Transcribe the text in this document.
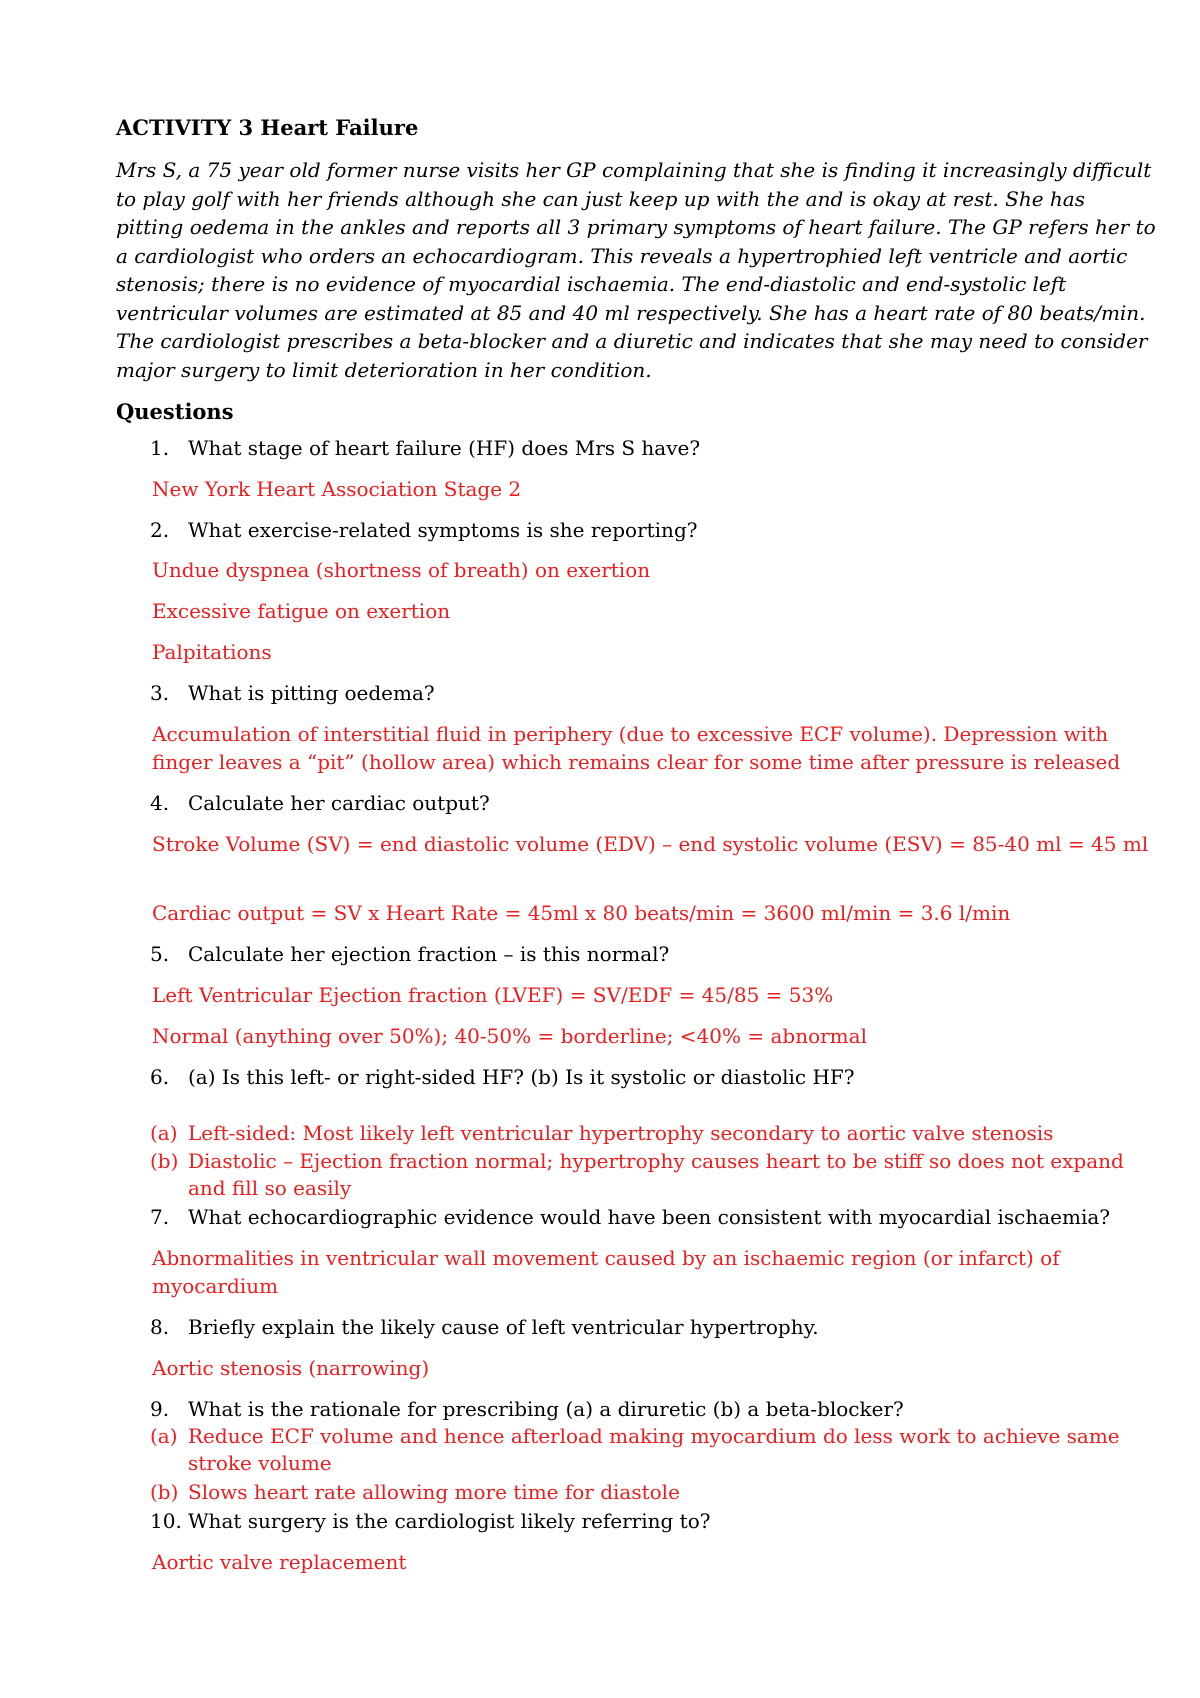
ACTIVITY 3 Heart Failure

Mrs S, a 75 year old former nurse visits her GP complaining that she is finding it increasingly difficult to play golf with her friends although she can just keep up with the and is okay at rest. She has pitting oedema in the ankles and reports all 3 primary symptoms of heart failure. The GP refers her to a cardiologist who orders an echocardiogram. This reveals a hypertrophied left ventricle and aortic stenosis; there is no evidence of myocardial ischaemia. The end-diastolic and end-systolic left ventricular volumes are estimated at 85 and 40 ml respectively. She has a heart rate of 80 beats/min. The cardiologist prescribes a beta-blocker and a diuretic and indicates that she may need to consider major surgery to limit deterioration in her condition.

Questions
1. What stage of heart failure (HF) does Mrs S have?
New York Heart Association Stage 2
2. What exercise-related symptoms is she reporting?
Undue dyspnea (shortness of breath) on exertion
Excessive fatigue on exertion
Palpitations
3. What is pitting oedema?
Accumulation of interstitial fluid in periphery (due to excessive ECF volume). Depression with finger leaves a “pit” (hollow area) which remains clear for some time after pressure is released
4. Calculate her cardiac output?
Stroke Volume (SV) = end diastolic volume (EDV) – end systolic volume (ESV) = 85-40 ml = 45 ml
Cardiac output = SV x Heart Rate = 45ml x 80 beats/min = 3600 ml/min = 3.6 l/min
5. Calculate her ejection fraction – is this normal?
Left Ventricular Ejection fraction (LVEF) = SV/EDF = 45/85 = 53%
Normal (anything over 50%); 40-50% = borderline; <40% = abnormal
6. (a) Is this left- or right-sided HF? (b) Is it systolic or diastolic HF?
(a) Left-sided: Most likely left ventricular hypertrophy secondary to aortic valve stenosis
(b) Diastolic – Ejection fraction normal; hypertrophy causes heart to be stiff so does not expand and fill so easily
7. What echocardiographic evidence would have been consistent with myocardial ischaemia?
Abnormalities in ventricular wall movement caused by an ischaemic region (or infarct) of myocardium
8. Briefly explain the likely cause of left ventricular hypertrophy.
Aortic stenosis (narrowing)
9. What is the rationale for prescribing (a) a diruretic (b) a beta-blocker?
(a) Reduce ECF volume and hence afterload making myocardium do less work to achieve same stroke volume
(b) Slows heart rate allowing more time for diastole
10. What surgery is the cardiologist likely referring to?
Aortic valve replacement
